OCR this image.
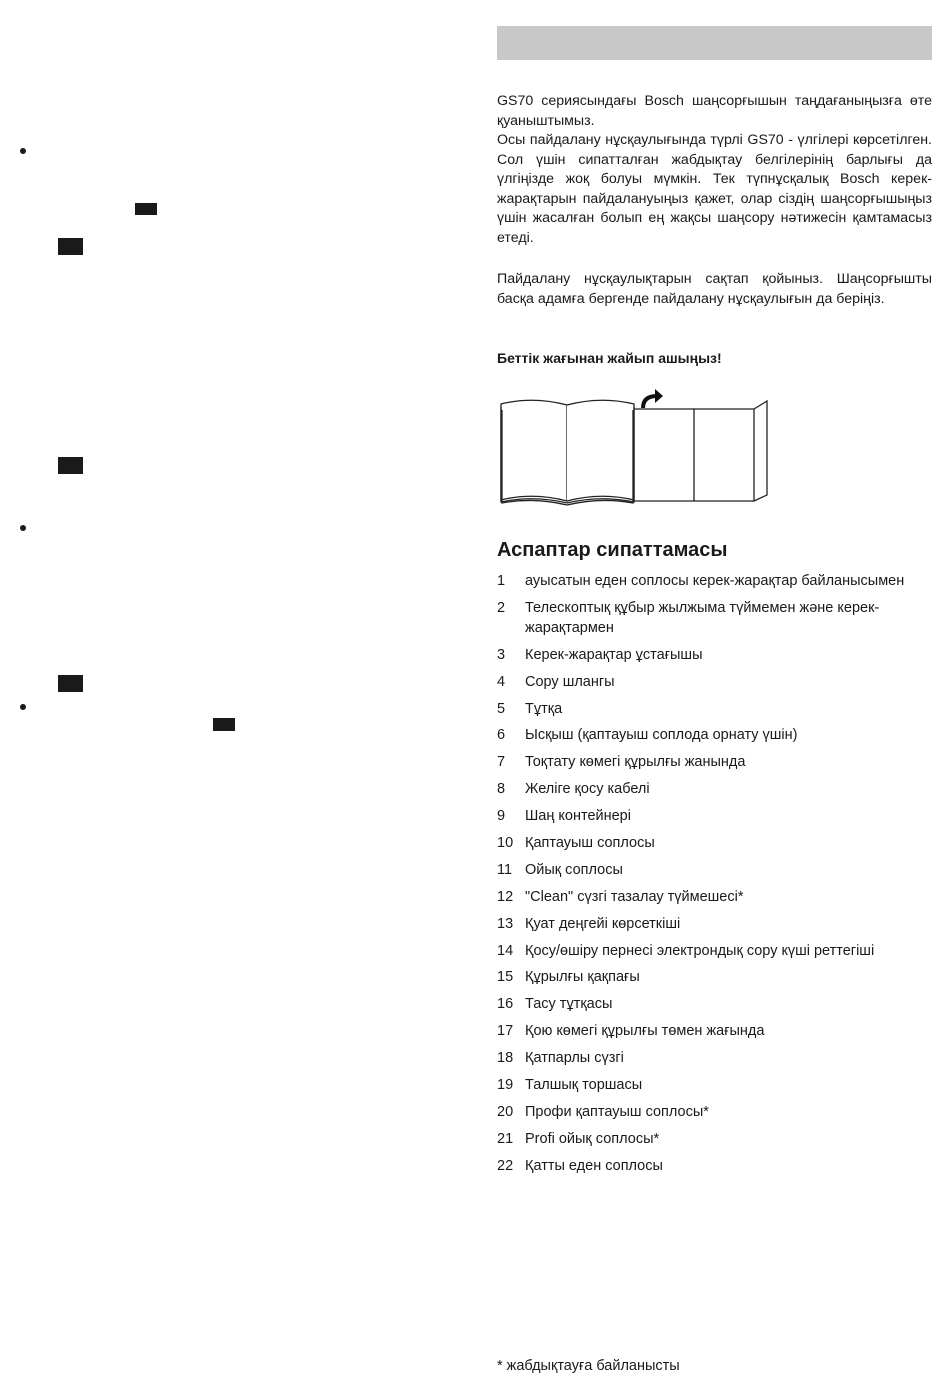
GS70 сериясындағы Bosch шаңсорғышын таңдағаныңызға өте қуаныштымыз.

Осы пайдалану нұсқаулығында түрлі GS70 - үлгілері көрсетілген. Сол үшін сипатталған жабдықтау белгілерінің барлығы да үлгіңізде жоқ болуы мүмкін. Тек түпнұсқалық Bosch керек-жарақтарын пайдалануыңыз қажет, олар сіздің шаңсорғышыңыз үшін жасалған болып ең жақсы шаңсору нәтижесін қамтамасыз етеді.

Пайдалану нұсқаулықтарын сақтап қойыныз. Шаңсорғышты басқа адамға бергенде пайдалану нұсқаулығын да беріңіз.

Беттік жағынан жайып ашыңыз!
Аспаптар сипаттамасы
1	ауысатын еден соплосы керек-жарақтар байланысымен
2	Телескоптық құбыр жылжыма түймемен және керек-жарақтармен
3	Керек-жарақтар ұстағышы
4	Сору шлангы
5	Тұтқа
6	Ысқыш (қаптауыш соплода орнату үшін)
7	Тоқтату көмегі құрылғы жанында
8	Желіге қосу кабелі
9	Шаң контейнері
10 Қаптауыш соплосы
11 Ойық соплосы
12 "Clean" сүзгі тазалау түймешесі*
13 Қуат деңгейі көрсеткіші
14 Қосу/өшіру пернесі электрондық сору күші реттегіші
15 Құрылғы қақпағы
16 Тасу тұтқасы
17 Қою көмегі құрылғы төмен жағында
18 Қатпарлы сүзгі
19 Талшық торшасы
20 Профи қаптауыш соплосы*
21 Profi ойық соплосы*
22 Қатты еден соплосы
* жабдықтауға байланысты
